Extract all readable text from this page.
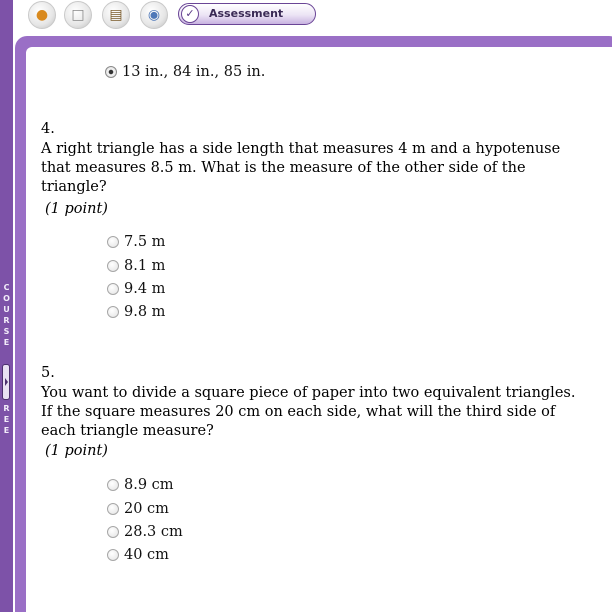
● □ ▤ ◉	✓	Assessment
C
O
U
R
S
E
R
E
E
13 in., 84 in., 85 in.
4.
A right triangle has a side length that measures 4 m and a hypotenuse that measures 8.5 m. What is the measure of the other side of the triangle?
(1 point)
7.5 m
8.1 m
9.4 m
9.8 m
5.
You want to divide a square piece of paper into two equivalent triangles. If the square measures 20 cm on each side, what will the third side of each triangle measure?
(1 point)
8.9 cm
20 cm
28.3 cm
40 cm
